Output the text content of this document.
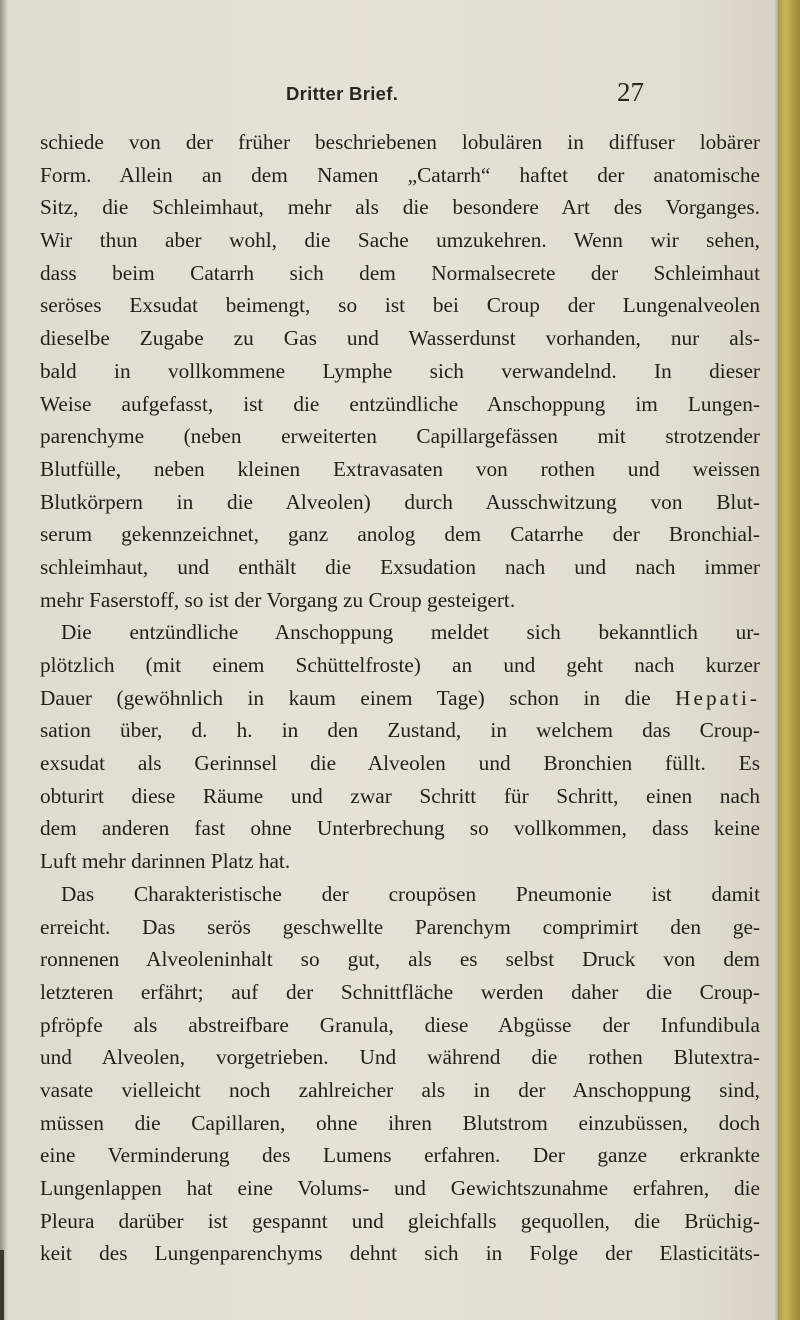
Dritter Brief.	27
schiede von der früher beschriebenen lobulären in diffuser lobärer
Form. Allein an dem Namen „Catarrh“ haftet der anatomische
Sitz, die Schleimhaut, mehr als die besondere Art des Vorganges.
Wir thun aber wohl, die Sache umzukehren. Wenn wir sehen,
dass beim Catarrh sich dem Normalsecrete der Schleimhaut
seröses Exsudat beimengt, so ist bei Croup der Lungenalveolen
dieselbe Zugabe zu Gas und Wasserdunst vorhanden, nur als-
bald in vollkommene Lymphe sich verwandelnd. In dieser
Weise aufgefasst, ist die entzündliche Anschoppung im Lungen-
parenchyme (neben erweiterten Capillargefässen mit strotzender
Blutfülle, neben kleinen Extravasaten von rothen und weissen
Blutkörpern in die Alveolen) durch Ausschwitzung von Blut-
serum gekennzeichnet, ganz anolog dem Catarrhe der Bronchial-
schleimhaut, und enthält die Exsudation nach und nach immer
mehr Faserstoff, so ist der Vorgang zu Croup gesteigert.
Die entzündliche Anschoppung meldet sich bekanntlich ur-
plötzlich (mit einem Schüttelfroste) an und geht nach kurzer
Dauer (gewöhnlich in kaum einem Tage) schon in die Hepati-
sation über, d. h. in den Zustand, in welchem das Croup-
exsudat als Gerinnsel die Alveolen und Bronchien füllt. Es
obturirt diese Räume und zwar Schritt für Schritt, einen nach
dem anderen fast ohne Unterbrechung so vollkommen, dass keine
Luft mehr darinnen Platz hat.
Das Charakteristische der croupösen Pneumonie ist damit
erreicht. Das serös geschwellte Parenchym comprimirt den ge-
ronnenen Alveoleninhalt so gut, als es selbst Druck von dem
letzteren erfährt; auf der Schnittfläche werden daher die Croup-
pfröpfe als abstreifbare Granula, diese Abgüsse der Infundibula
und Alveolen, vorgetrieben. Und während die rothen Blutextra-
vasate vielleicht noch zahlreicher als in der Anschoppung sind,
müssen die Capillaren, ohne ihren Blutstrom einzubüssen, doch
eine Verminderung des Lumens erfahren. Der ganze erkrankte
Lungenlappen hat eine Volums- und Gewichtszunahme erfahren, die
Pleura darüber ist gespannt und gleichfalls gequollen, die Brüchig-
keit des Lungenparenchyms dehnt sich in Folge der Elasticitäts-
